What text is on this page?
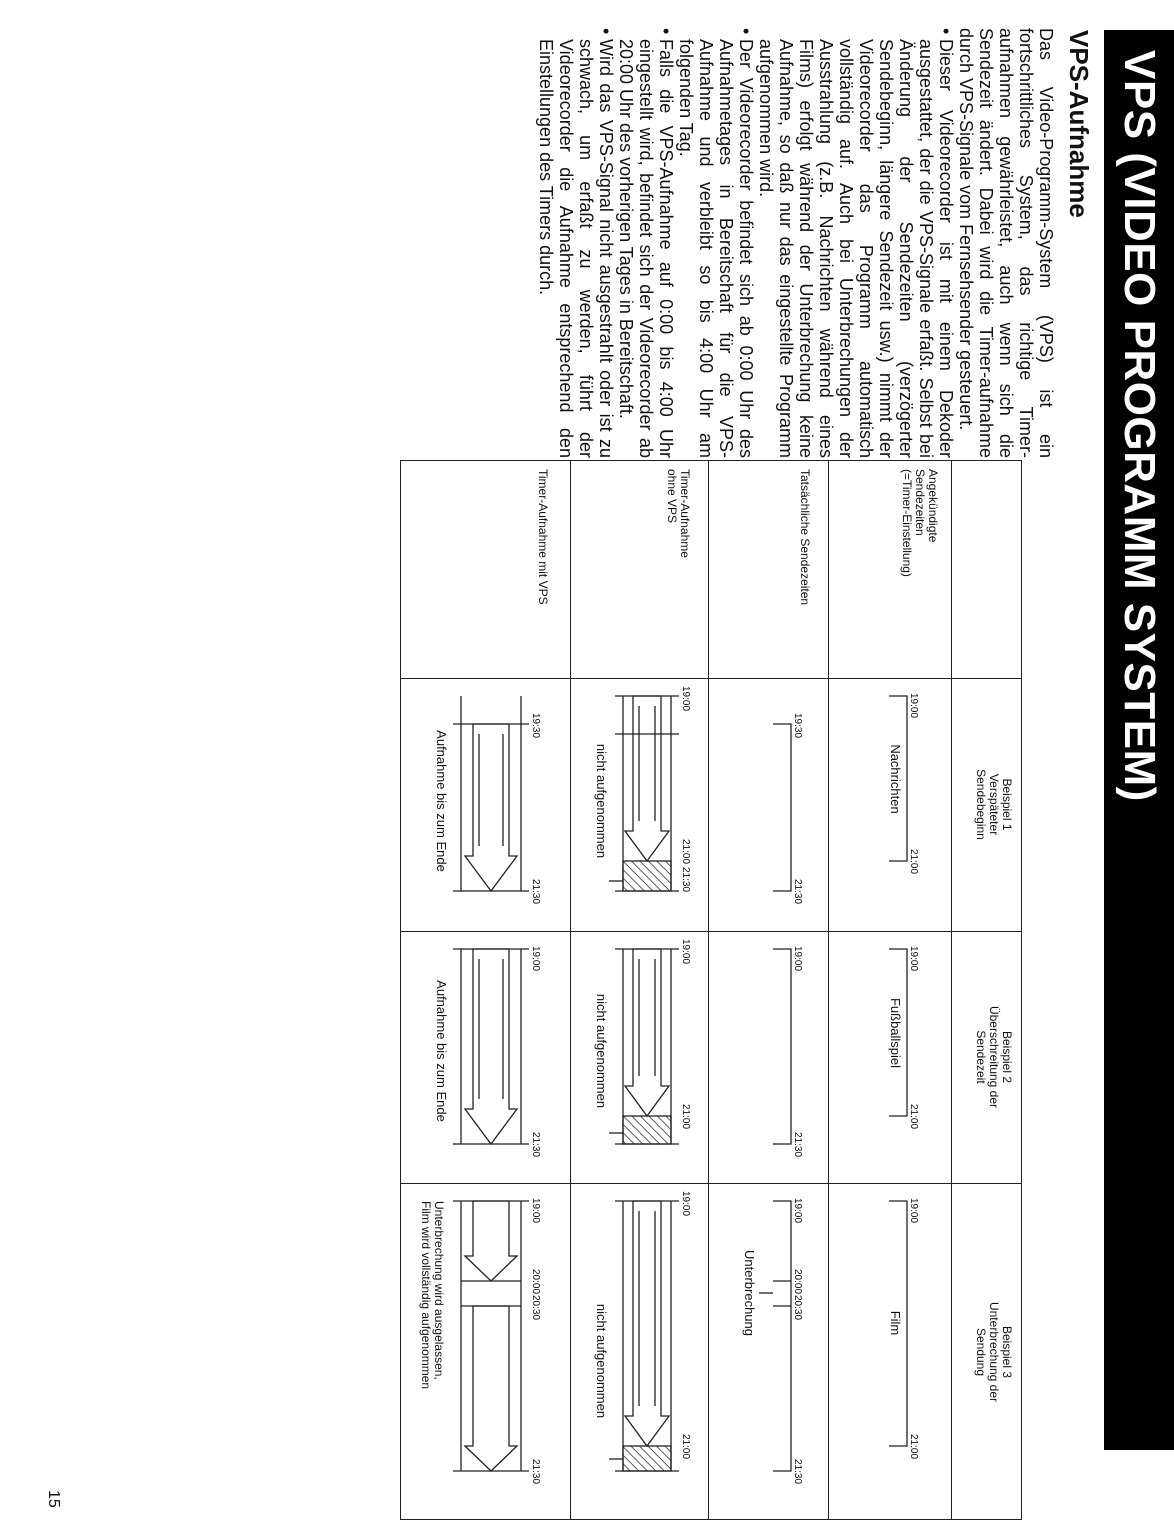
VPS (VIDEO PROGRAMM SYSTEM)
VPS-Aufnahme

Das Video-Programm-System (VPS) ist ein fortschrittliches System, das richtige Timer-aufnahmen gewährleistet, auch wenn sich die Sendezeit ändert. Dabei wird die Timer-aufnahme durch VPS-Signale vom Fernsehsender gesteuert.

• Dieser Videorecorder ist mit einem Dekoder ausgestattet, der die VPS-Signale erfaßt. Selbst bei Änderung der Sendezeiten (verzögerter Sendebeginn, längere Sendezeit usw.) nimmt der Videorecorder das Programm automatisch vollständig auf. Auch bei Unterbrechungen der Ausstrahlung (z.B. Nachrichten während eines Films) erfolgt während der Unterbrechung keine Aufnahme, so daß nur das eingestellte Programm aufgenommen wird.
• Der Videorecorder befindet sich ab 0:00 Uhr des Aufnahmetages in Bereitschaft für die VPS-Aufnahme und verbleibt so bis 4:00 Uhr am folgenden Tag.
• Falls die VPS-Aufnahme auf 0:00 bis 4:00 Uhr eingestellt wird, befindet sich der Videorecorder ab 20:00 Uhr des vorherigen Tages in Bereitschaft.
• Wird das VPS-Signal nicht ausgestrahlt oder ist zu schwach, um erfaßt zu werden, führt der Videorecorder die Aufnahme entsprechend den Einstellungen des Timers durch.
Beispiel 1
Verspäteter
Sendebeginn
Beispiel 2
Überschreitung der
Sendezeit
Beispiel 3
Unterbrechung der
Sendung
Angekündigte
Sendezeiten
(=Timer-Einstellung)
Tatsächliche Sendezeiten
Timer-Aufnahme
ohne VPS
Timer-Aufnahme mit VPS
Nachrichten
19:00
21:00
19:30
21:30
19:00
21:00
21:30
nicht aufgenommen
19:30
21:30
Aufnahme bis zum Ende
Fußballspiel
19:00
21:00
19:00
21:30
19:00
21:00
nicht aufgenommen
19:00
21:30
Aufnahme bis zum Ende
Film
19:00
21:00
19:00
20:00
20:30
21:30
Unterbrechung
19:00
21:00
nicht aufgenommen
19:00
20:00
20:30
21:30
Unterbrechung wird ausgelassen,
Film wird vollständig aufgenommen
15
